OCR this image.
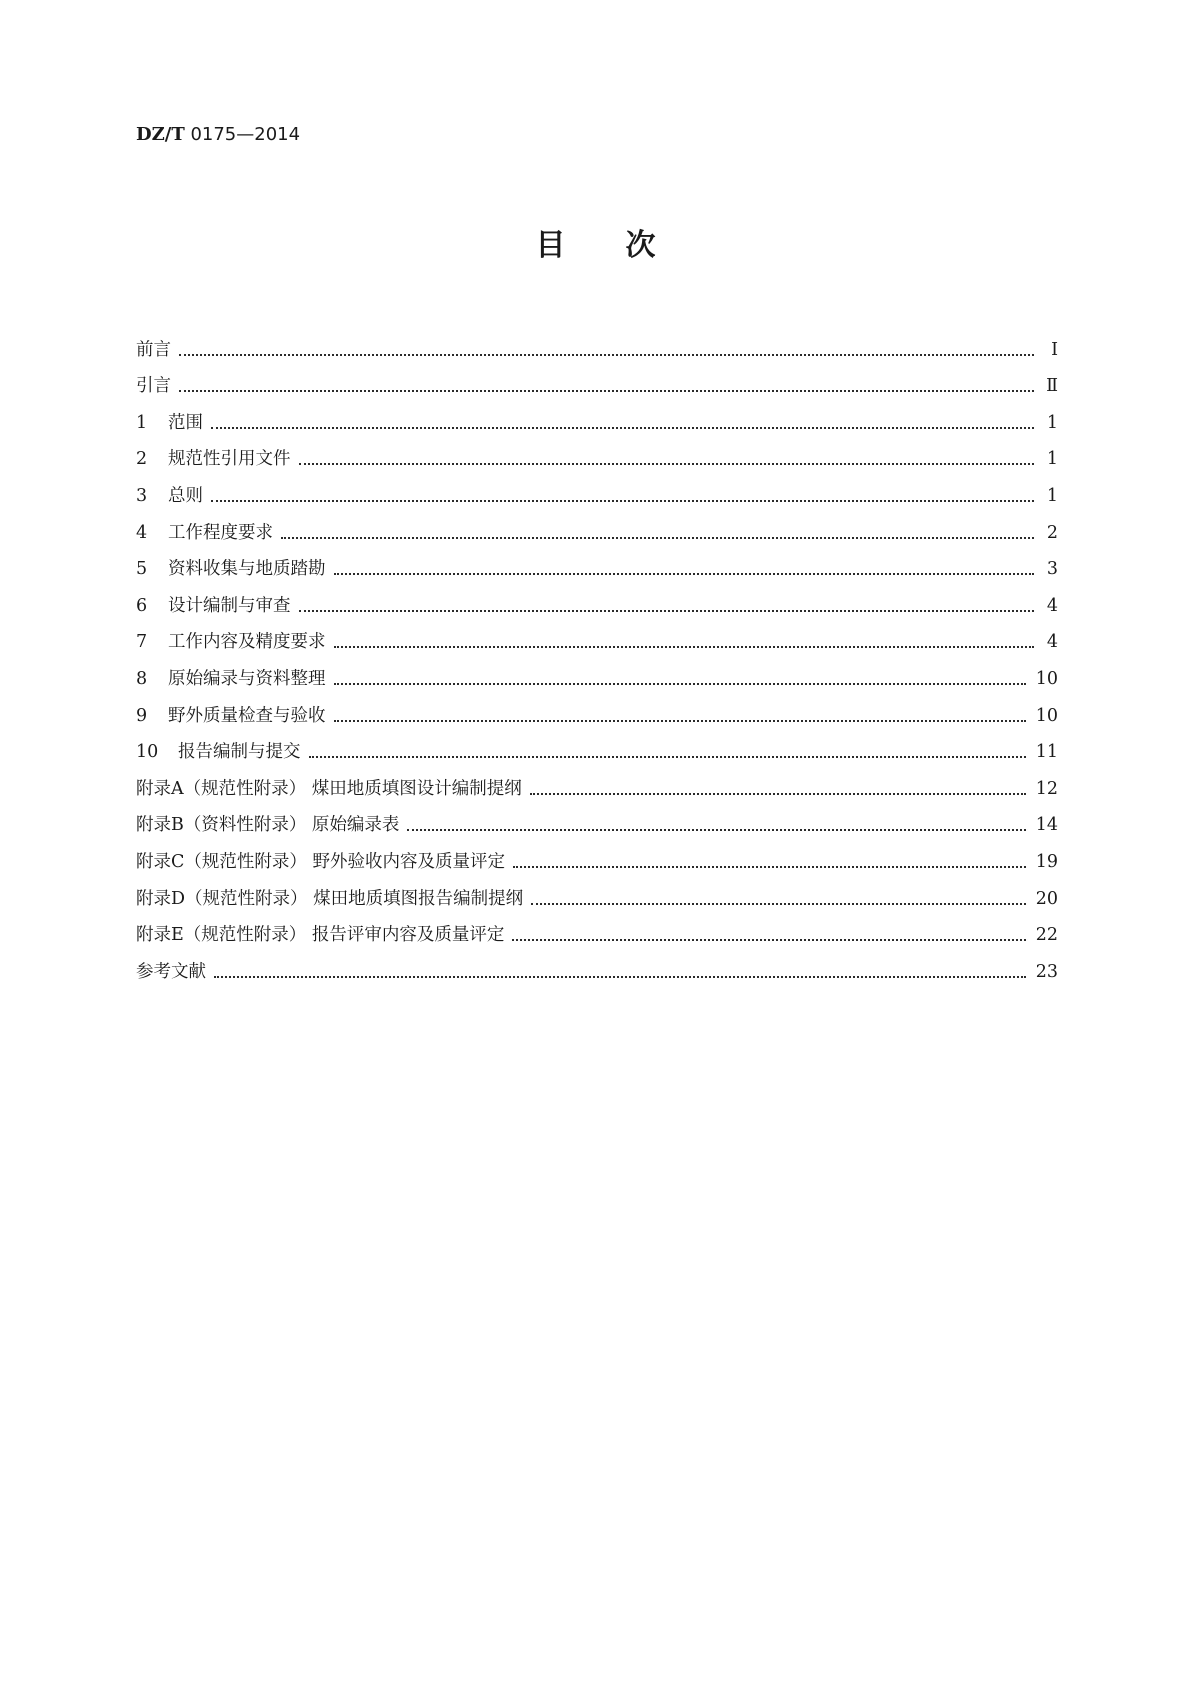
DZ/T 0175—2014
目次
前言	Ⅰ
引言	Ⅱ
1	范围	1
2	规范性引用文件	1
3	总则	1
4	工作程度要求	2
5	资料收集与地质踏勘	3
6	设计编制与审查	4
7	工作内容及精度要求	4
8	原始编录与资料整理	10
9	野外质量检查与验收	10
10	报告编制与提交	11
附录A（规范性附录） 煤田地质填图设计编制提纲	12
附录B（资料性附录） 原始编录表	14
附录C（规范性附录） 野外验收内容及质量评定	19
附录D（规范性附录） 煤田地质填图报告编制提纲	20
附录E（规范性附录） 报告评审内容及质量评定	22
参考文献	23
